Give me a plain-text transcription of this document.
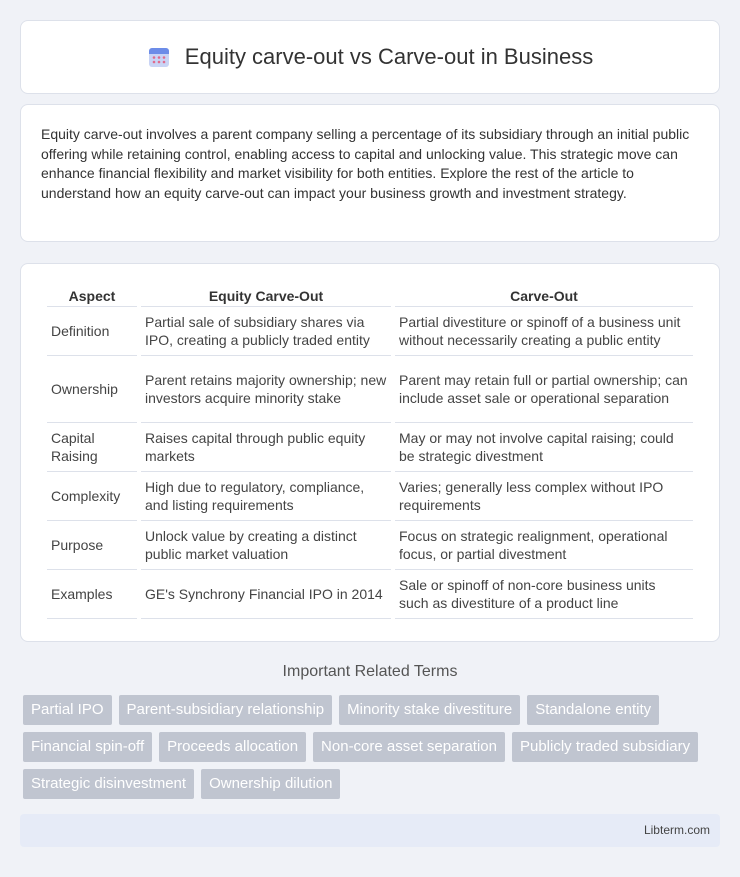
Equity carve-out vs Carve-out in Business

Equity carve-out involves a parent company selling a percentage of its subsidiary through an initial public offering while retaining control, enabling access to capital and unlocking value. This strategic move can enhance financial flexibility and market visibility for both entities. Explore the rest of the article to understand how an equity carve-out can impact your business growth and investment strategy.

Aspect	Equity Carve-Out	Carve-Out
Definition	Partial sale of subsidiary shares via IPO, creating a publicly traded entity	Partial divestiture or spinoff of a business unit without necessarily creating a public entity
Ownership	Parent retains majority ownership; new investors acquire minority stake	Parent may retain full or partial ownership; can include asset sale or operational separation
Capital Raising	Raises capital through public equity markets	May or may not involve capital raising; could be strategic divestment
Complexity	High due to regulatory, compliance, and listing requirements	Varies; generally less complex without IPO requirements
Purpose	Unlock value by creating a distinct public market valuation	Focus on strategic realignment, operational focus, or partial divestment
Examples	GE's Synchrony Financial IPO in 2014	Sale or spinoff of non-core business units such as divestiture of a product line
Important Related Terms
Partial IPO	Parent-subsidiary relationship	Minority stake divestiture	Standalone entity
Financial spin-off	Proceeds allocation	Non-core asset separation	Publicly traded subsidiary
Strategic disinvestment	Ownership dilution
Libterm.com
